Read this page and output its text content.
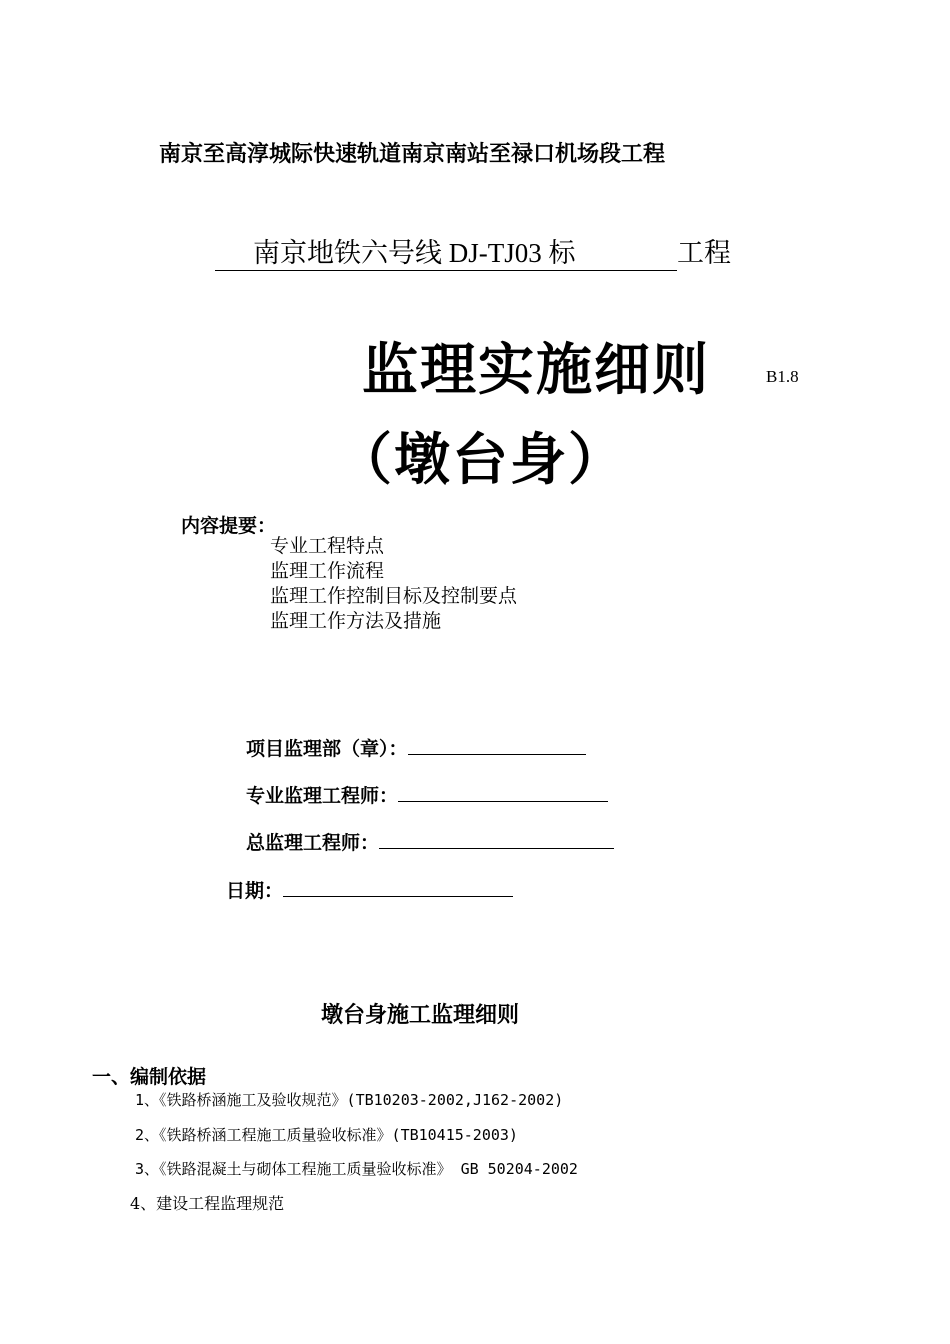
南京至高淳城际快速轨道南京南站至禄口机场段工程
南京地铁六号线 DJ-TJ03 标	工程
监理实施细则	B1.8
（墩台身）
内容提要：
专业工程特点
监理工作流程
监理工作控制目标及控制要点
监理工作方法及措施
项目监理部（章）：
专业监理工程师：
总监理工程师：
日期：
墩台身施工监理细则
一、编制依据
1、《铁路桥涵施工及验收规范》(TB10203-2002,J162-2002)
2、《铁路桥涵工程施工质量验收标准》(TB10415-2003)
3、《铁路混凝土与砌体工程施工质量验收标准》 GB 50204-2002
4、建设工程监理规范
